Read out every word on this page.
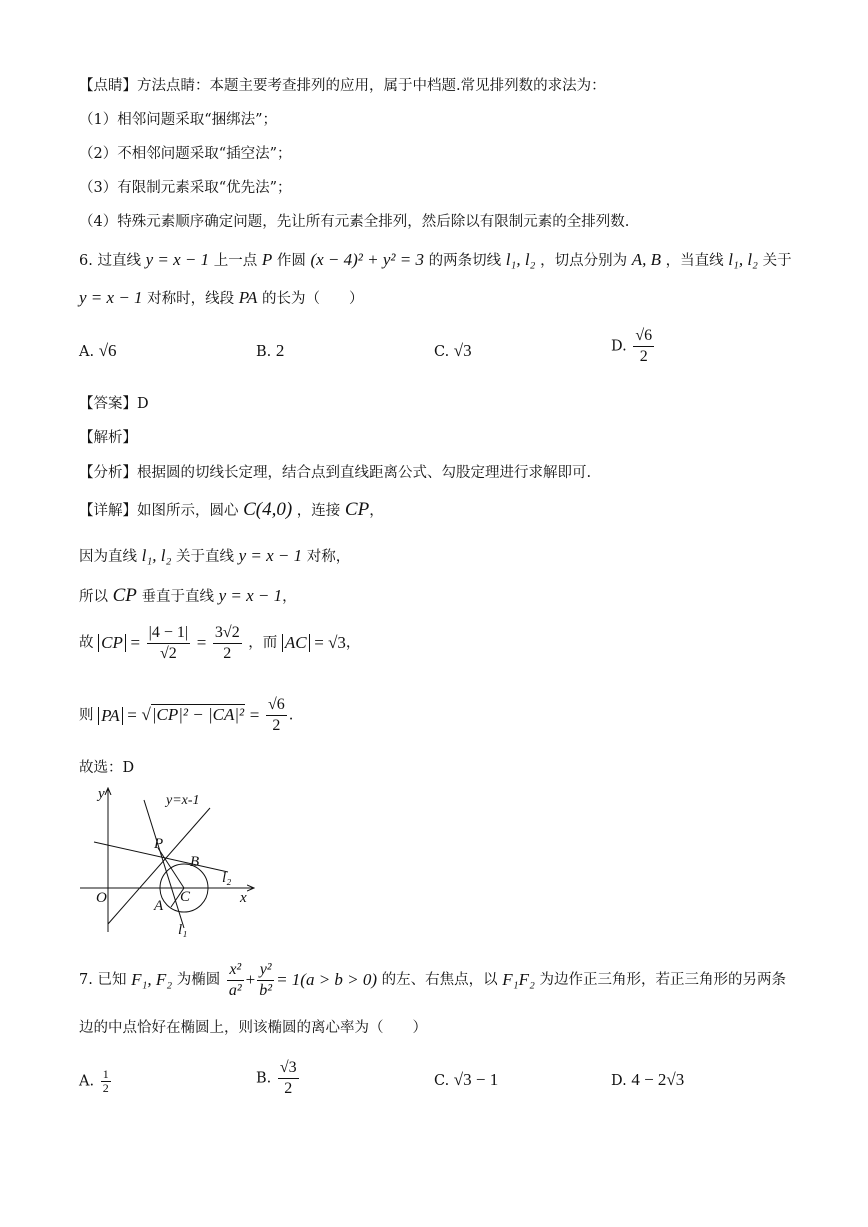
【点睛】方法点睛：本题主要考查排列的应用，属于中档题.常见排列数的求法为：
（1）相邻问题采取“捆绑法”；
（2）不相邻问题采取“插空法”；
（3）有限制元素采取“优先法”；
（4）特殊元素顺序确定问题，先让所有元素全排列，然后除以有限制元素的全排列数.
6. 过直线 y = x − 1 上一点 P 作圆 (x − 4)² + y² = 3 的两条切线 l₁, l₂ ，切点分别为 A, B ，当直线 l₁, l₂ 关于
y = x − 1 对称时，线段 PA 的长为（　　）
A. √6	B. 2	C. √3	D. $\frac{√6}{2}$
【答案】D
【解析】
【分析】根据圆的切线长定理，结合点到直线距离公式、勾股定理进行求解即可.
【详解】如图所示，圆心 C(4,0) ，连接 CP，
因为直线 l₁, l₂ 关于直线 y = x − 1 对称，
所以 CP 垂直于直线 y = x − 1，
故 CP = $\frac{|4 - 1|}{√2} = \frac{3√2}{2}$ ，而 AC = √3，
则 PA = $√|CP|^2 - |CA|^2 = \frac{√6}{2}$ .
故选：D
y	y=x-1
P
B
l₂
O	C	x
A
l₁
7. 已知 F₁, F₂ 为椭圆 $\frac{\text{x²}}{\text{a²}} + \frac{\text{y²}}{\text{b²}} = 1(a > b > 0)$ 的左、右焦点，以 F₁F₂ 为边作正三角形，若正三角形的另两条
边的中点恰好在椭圆上，则该椭圆的离心率为（　　）
A. $\frac{1}{2}$	B. $\frac{√3}{2}$	C. √3 − 1	D. 4 − 2√3
